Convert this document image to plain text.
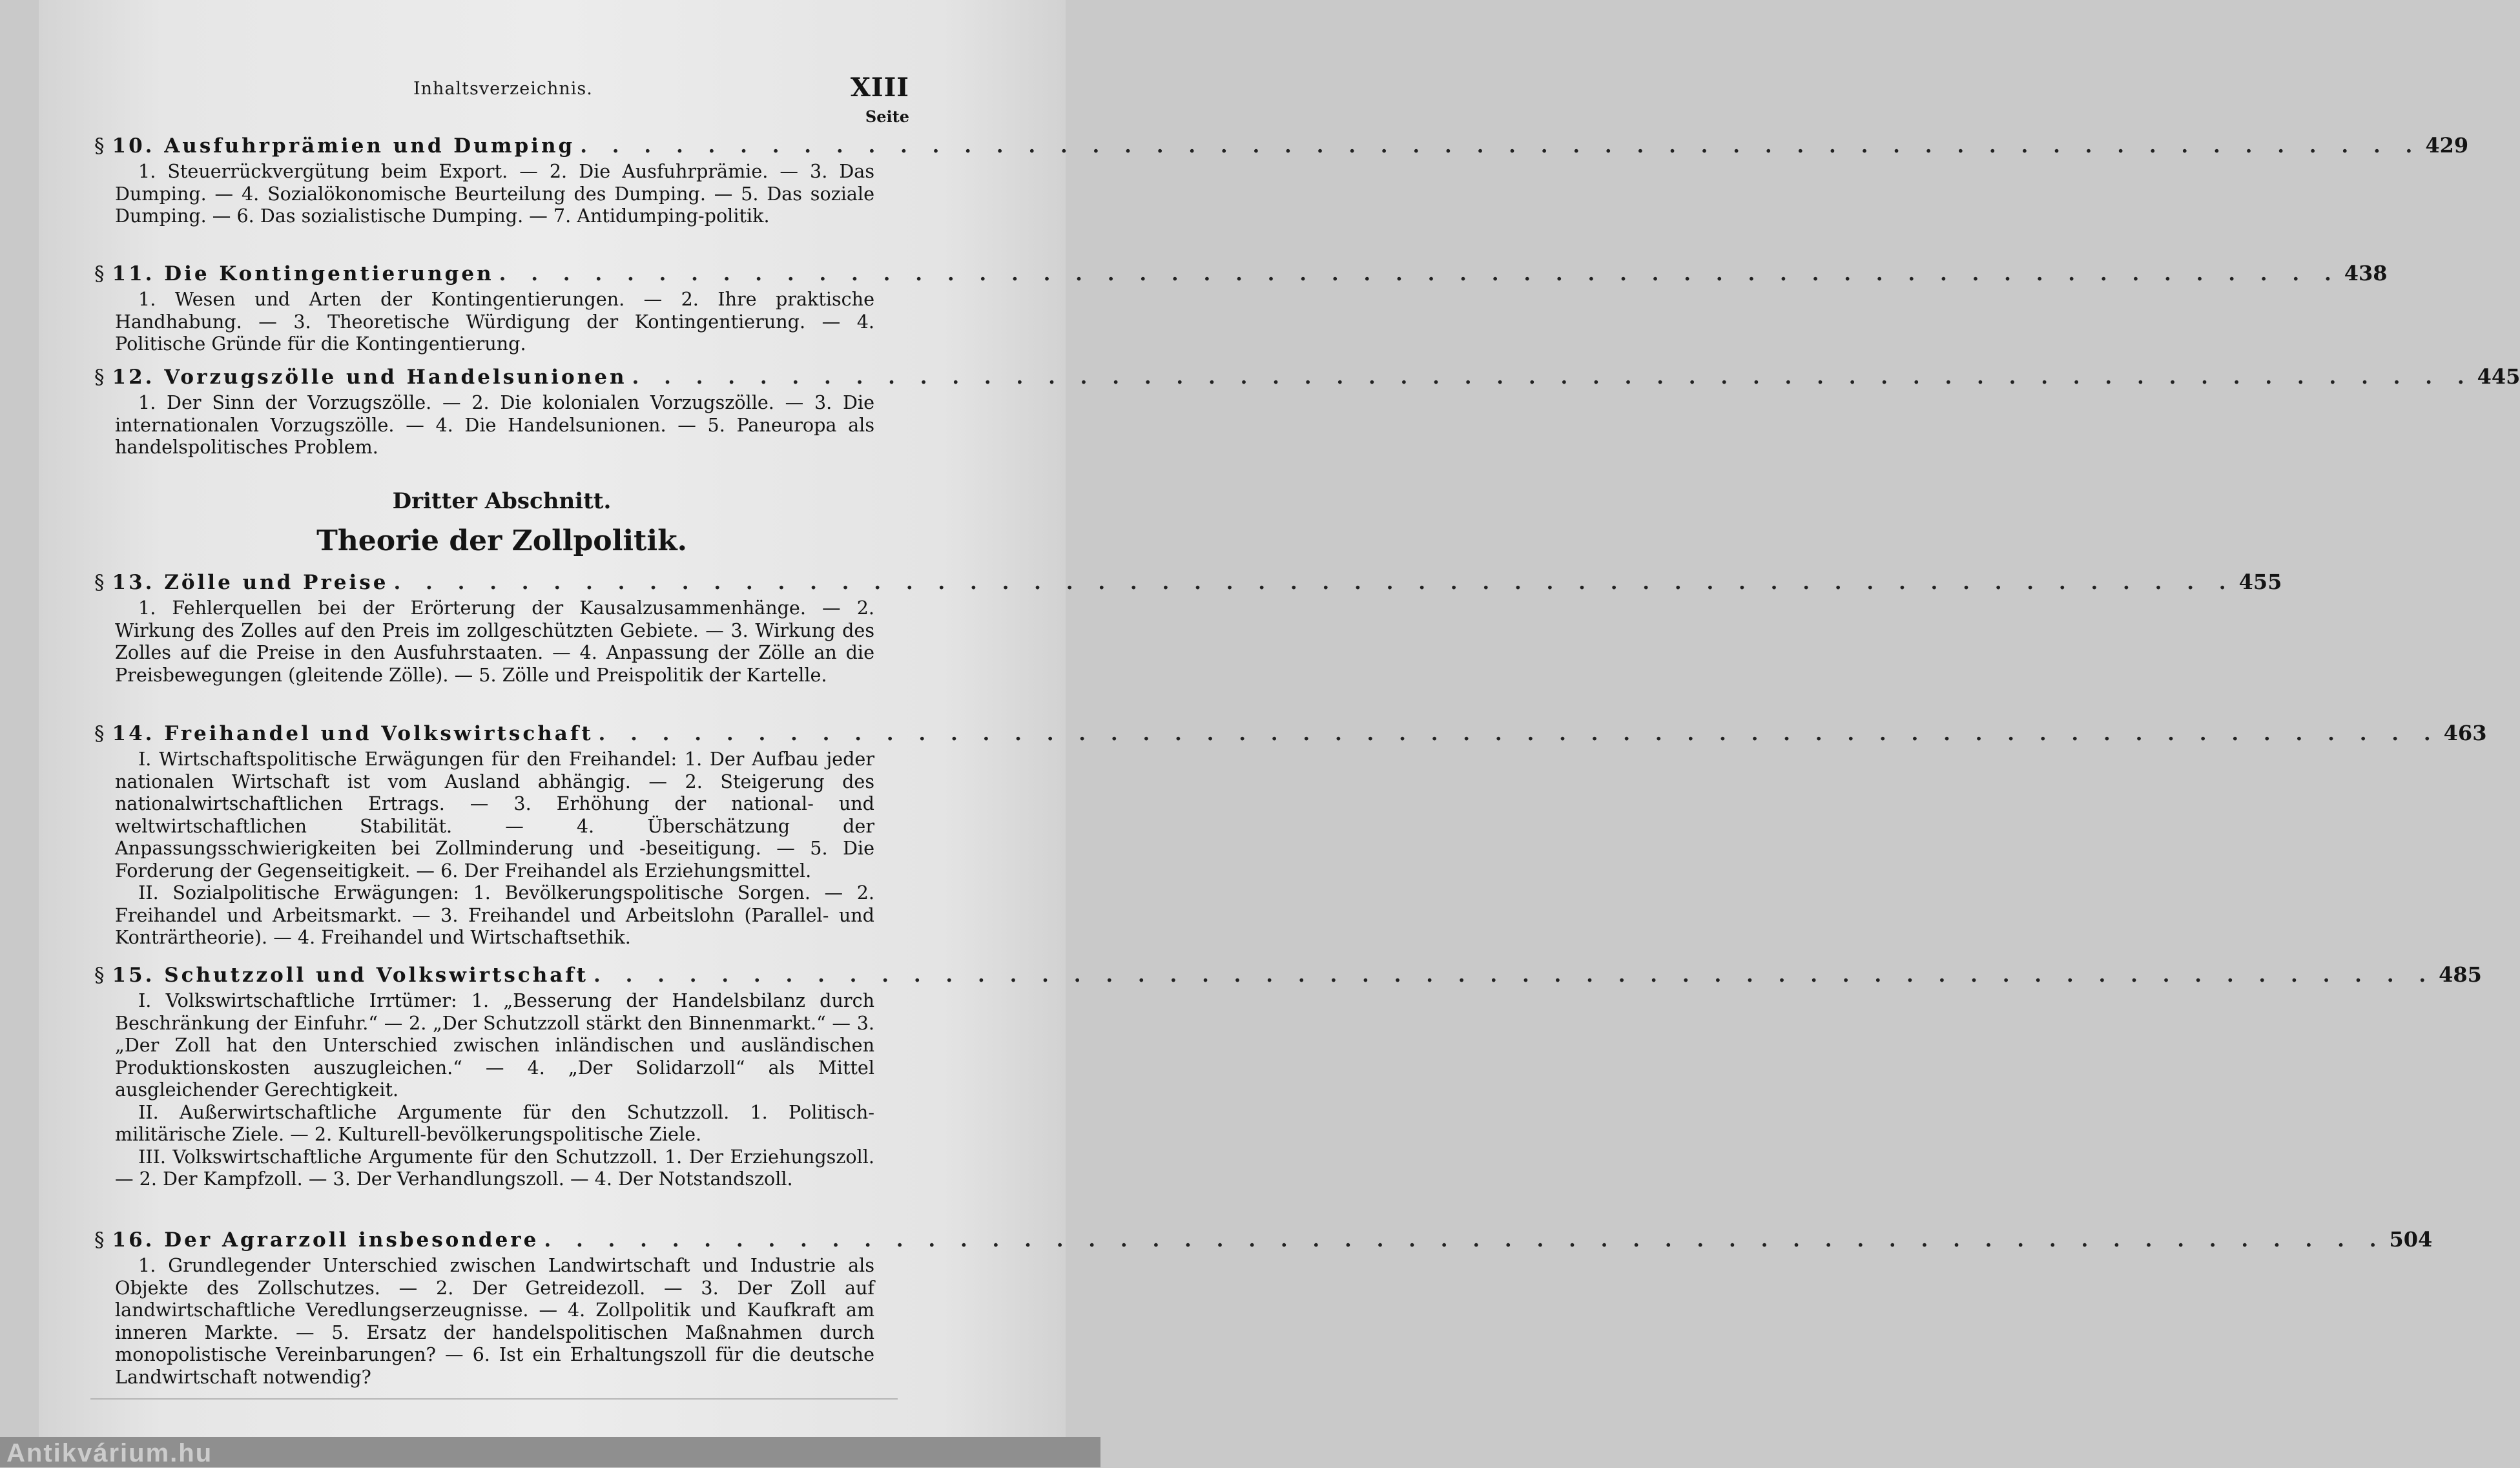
Inhaltsverzeichnis.	XIII
Seite
§ 10. Ausfuhrprämien und Dumping . . . . . . . . . . . . . . . . . . . . . . . . . . . . . . . . . . . . . . . . . . . . . . . . . . . . . . . . . . 429

1. Steuerrückvergütung beim Export. — 2. Die Ausfuhrprämie. — 3. Das Dumping. — 4. Sozialökonomische Beurteilung des Dumping. — 5. Das soziale Dumping. — 6. Das sozialistische Dumping. — 7. Antidumping-politik.

§ 11. Die Kontingentierungen . . . . . . . . . . . . . . . . . . . . . . . . . . . . . . . . . . . . . . . . . . . . . . . . . . . . . . . . . . 438

1. Wesen und Arten der Kontingentierungen. — 2. Ihre praktische Handhabung. — 3. Theoretische Würdigung der Kontingentierung. — 4. Politische Gründe für die Kontingentierung.

§ 12. Vorzugszölle und Handelsunionen . . . . . . . . . . . . . . . . . . . . . . . . . . . . . . . . . . . . . . . . . . . . . . . . . . . . . . . . . . 445

1. Der Sinn der Vorzugszölle. — 2. Die kolonialen Vorzugszölle. — 3. Die internationalen Vorzugszölle. — 4. Die Handelsunionen. — 5. Paneuropa als handelspolitisches Problem.

Dritter Abschnitt.
Theorie der Zollpolitik.
§ 13. Zölle und Preise . . . . . . . . . . . . . . . . . . . . . . . . . . . . . . . . . . . . . . . . . . . . . . . . . . . . . . . . . . 455

1. Fehlerquellen bei der Erörterung der Kausalzusammenhänge. — 2. Wirkung des Zolles auf den Preis im zollgeschützten Gebiete. — 3. Wirkung des Zolles auf die Preise in den Ausfuhrstaaten. — 4. Anpassung der Zölle an die Preisbewegungen (gleitende Zölle). — 5. Zölle und Preispolitik der Kartelle.

§ 14. Freihandel und Volkswirtschaft . . . . . . . . . . . . . . . . . . . . . . . . . . . . . . . . . . . . . . . . . . . . . . . . . . . . . . . . . . 463

I. Wirtschaftspolitische Erwägungen für den Freihandel: 1. Der Aufbau jeder nationalen Wirtschaft ist vom Ausland abhängig. — 2. Steigerung des nationalwirtschaftlichen Ertrags. — 3. Erhöhung der national- und weltwirtschaftlichen Stabilität. — 4. Überschätzung der Anpassungsschwierigkeiten bei Zollminderung und -beseitigung. — 5. Die Forderung der Gegenseitigkeit. — 6. Der Freihandel als Erziehungsmittel.

II. Sozialpolitische Erwägungen: 1. Bevölkerungspolitische Sorgen. — 2. Freihandel und Arbeitsmarkt. — 3. Freihandel und Arbeitslohn (Parallel- und Konträrtheorie). — 4. Freihandel und Wirtschaftsethik.

§ 15. Schutzzoll und Volkswirtschaft . . . . . . . . . . . . . . . . . . . . . . . . . . . . . . . . . . . . . . . . . . . . . . . . . . . . . . . . . . 485

I. Volkswirtschaftliche Irrtümer: 1. „Besserung der Handelsbilanz durch Beschränkung der Einfuhr.“ — 2. „Der Schutzzoll stärkt den Binnenmarkt.“ — 3. „Der Zoll hat den Unterschied zwischen inländischen und ausländischen Produktionskosten auszugleichen.“ — 4. „Der Solidarzoll“ als Mittel ausgleichender Gerechtigkeit.

II. Außerwirtschaftliche Argumente für den Schutzzoll. 1. Politisch-militärische Ziele. — 2. Kulturell-bevölkerungspolitische Ziele.

III. Volkswirtschaftliche Argumente für den Schutzzoll. 1. Der Erziehungszoll. — 2. Der Kampfzoll. — 3. Der Verhandlungszoll. — 4. Der Notstandszoll.

§ 16. Der Agrarzoll insbesondere . . . . . . . . . . . . . . . . . . . . . . . . . . . . . . . . . . . . . . . . . . . . . . . . . . . . . . . . . . 504

1. Grundlegender Unterschied zwischen Landwirtschaft und Industrie als Objekte des Zollschutzes. — 2. Der Getreidezoll. — 3. Der Zoll auf landwirtschaftliche Veredlungserzeugnisse. — 4. Zollpolitik und Kaufkraft am inneren Markte. — 5. Ersatz der handelspolitischen Maßnahmen durch monopolistische Vereinbarungen? — 6. Ist ein Erhaltungszoll für die deutsche Landwirtschaft notwendig?

Antikvárium.hu
